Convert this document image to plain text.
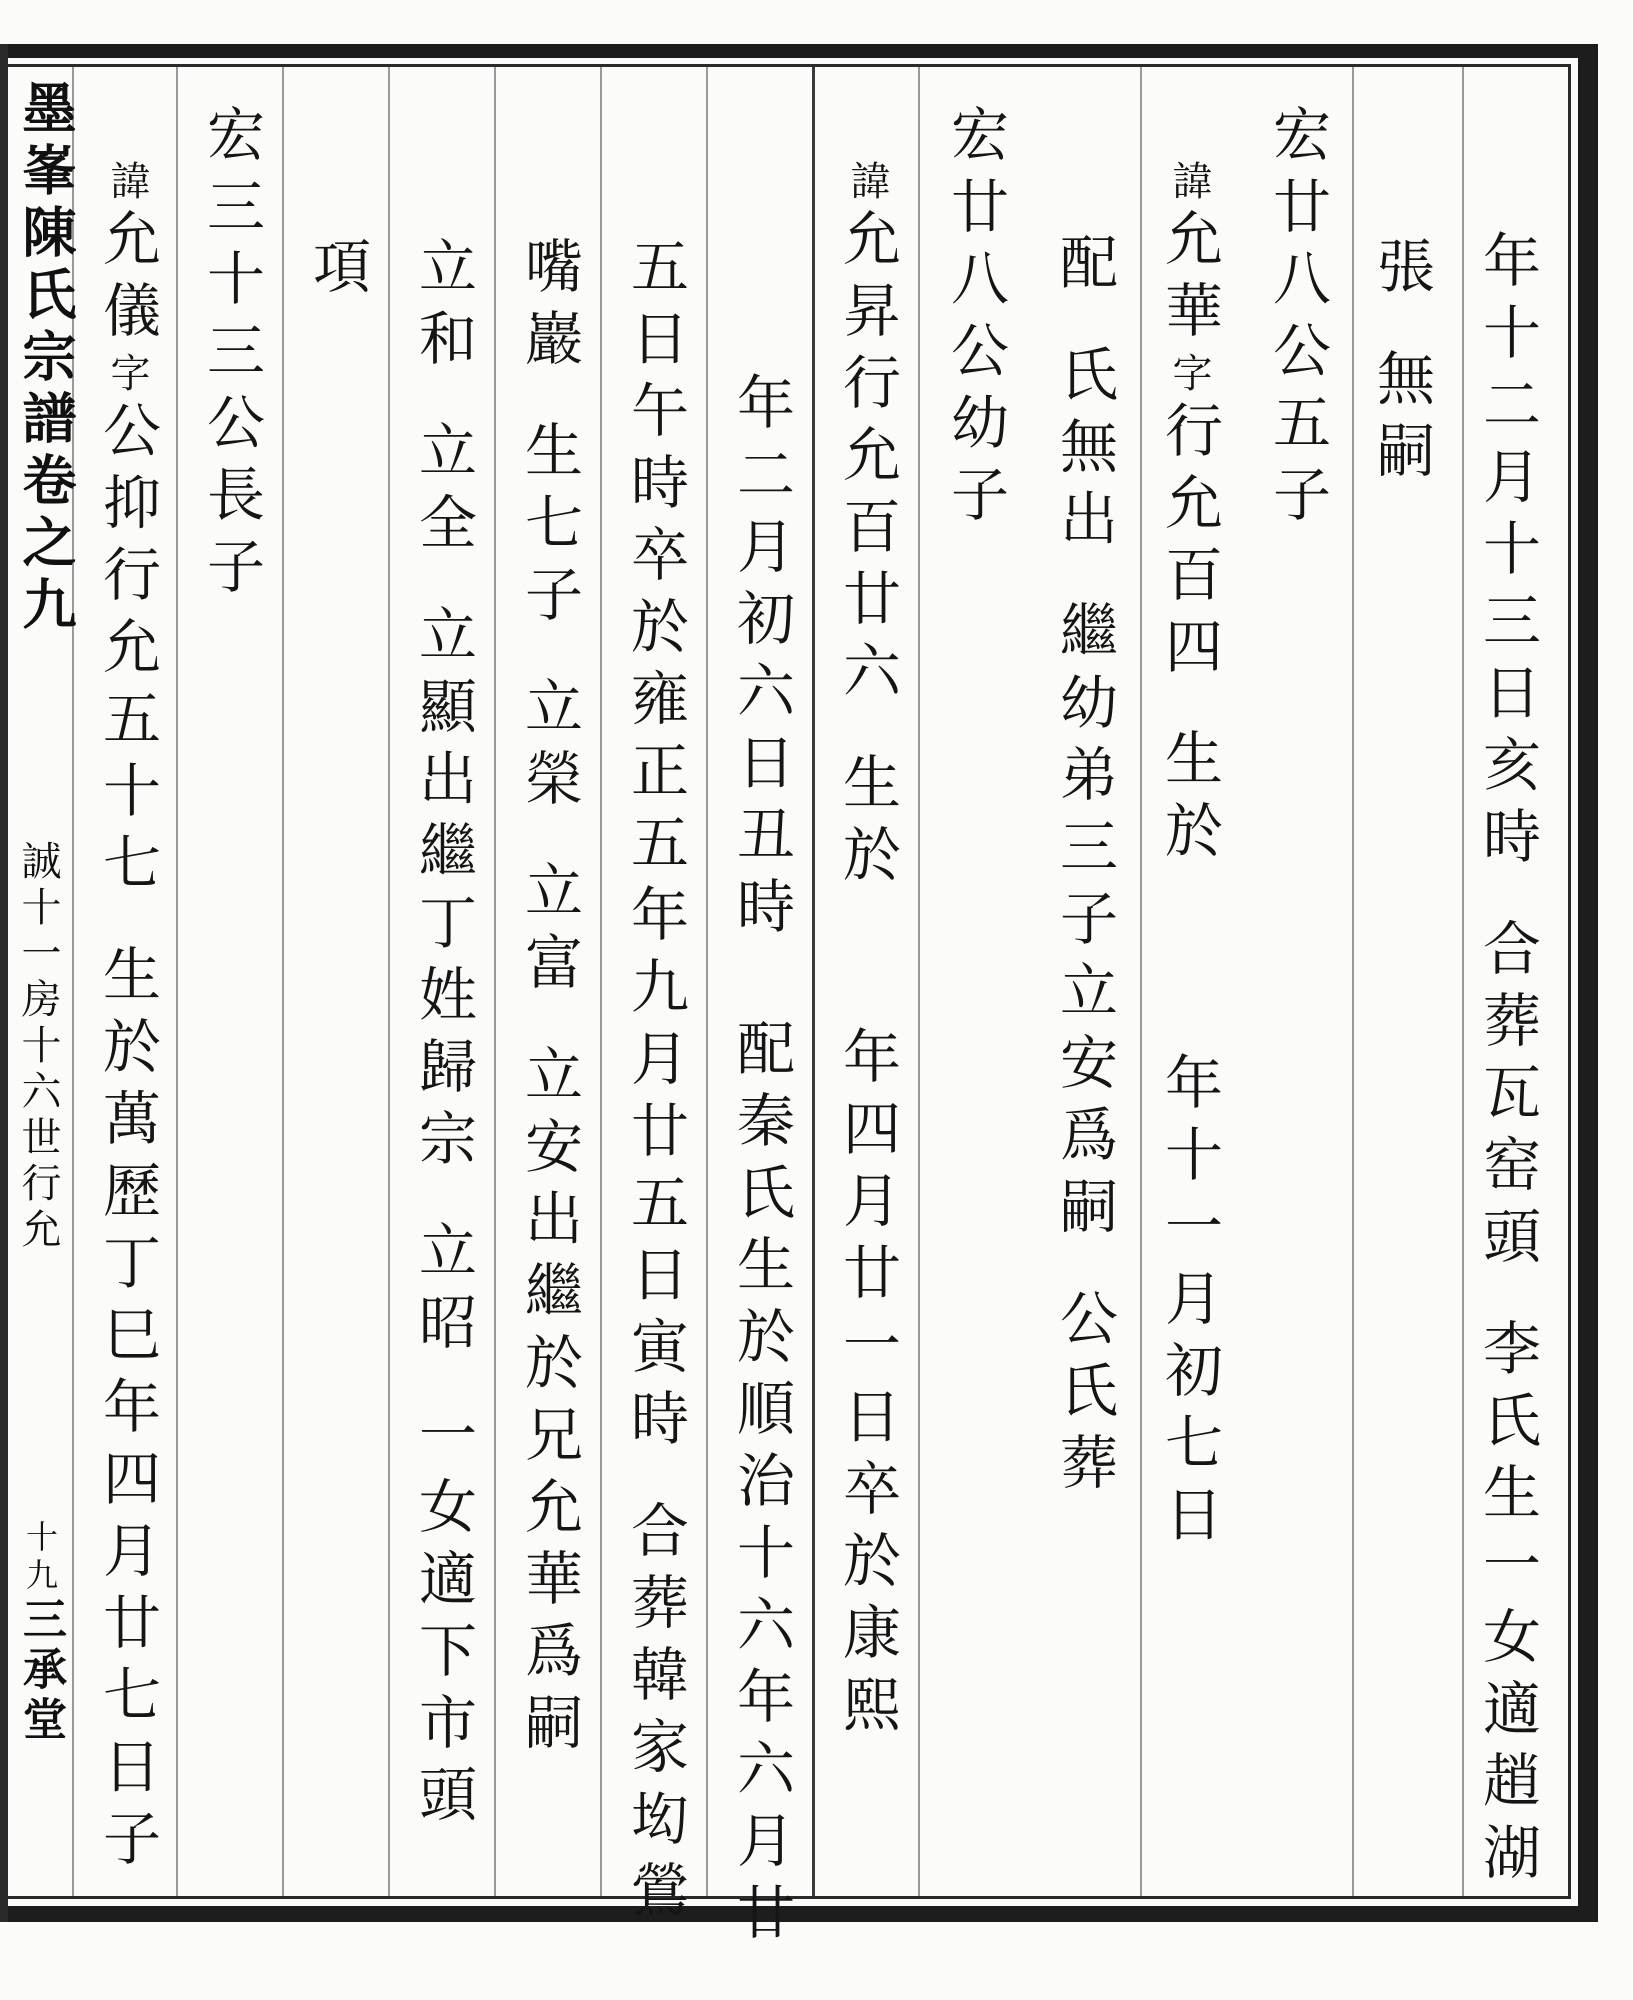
墨峯陳氏宗譜卷之九
誠十一房十六世行允
十九三承堂
年十二月十三日亥時合葬瓦窑頭李氏生一女適趙湖
張無嗣
宏廿八公五子
諱允華字行允百四生於年十一月初七日
配氏無出繼幼弟三子立安爲嗣公氏葬
宏廿八公幼子
諱允昇行允百廿六生於年四月廿一日卒於康熙
年二月初六日丑時配秦氏生於順治十六年六月廿
五日午時卒於雍正五年九月廿五日寅時合葬韓家㘭鶯
嘴巖生七子立榮立富立安出繼於兄允華爲嗣
立和立全立顯出繼丁姓歸宗立昭一女適下市頭
項
宏三十三公長子
諱允儀字公抑行允五十七生於萬歷丁巳年四月廿七日子
